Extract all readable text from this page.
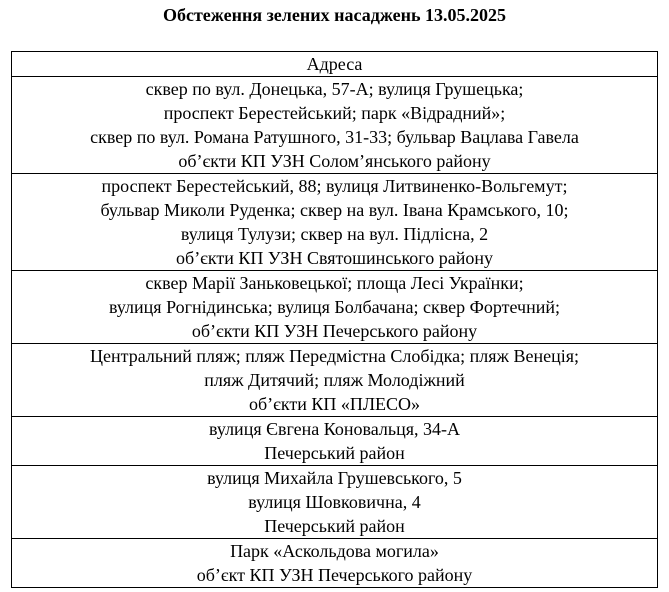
Обстеження зелених насаджень 13.05.2025
Адреса

сквер по вул. Донецька, 57-А; вулиця Грушецька;
проспект Берестейський; парк «Відрадний»;
сквер по вул. Романа Ратушного, 31-33; бульвар Вацлава Гавела
об’єкти КП УЗН Солом’янського району

проспект Берестейський, 88; вулиця Литвиненко-Вольгемут;
бульвар Миколи Руденка; сквер на вул. Івана Крамського, 10;
вулиця Тулузи; сквер на вул. Підлісна, 2
об’єкти КП УЗН Святошинського району

сквер Марії Заньковецької; площа Лесі Українки;
вулиця Рогнідинська; вулиця Болбачана; сквер Фортечний;
об’єкти КП УЗН Печерського району

Центральний пляж; пляж Передмістна Слобідка; пляж Венеція;
пляж Дитячий; пляж Молодіжний
об’єкти КП «ПЛЕСО»

вулиця Євгена Коновальця, 34-А
Печерський район

вулиця Михайла Грушевського, 5
вулиця Шовковична, 4
Печерський район

Парк «Аскольдова могила»
об’єкт КП УЗН Печерського району
